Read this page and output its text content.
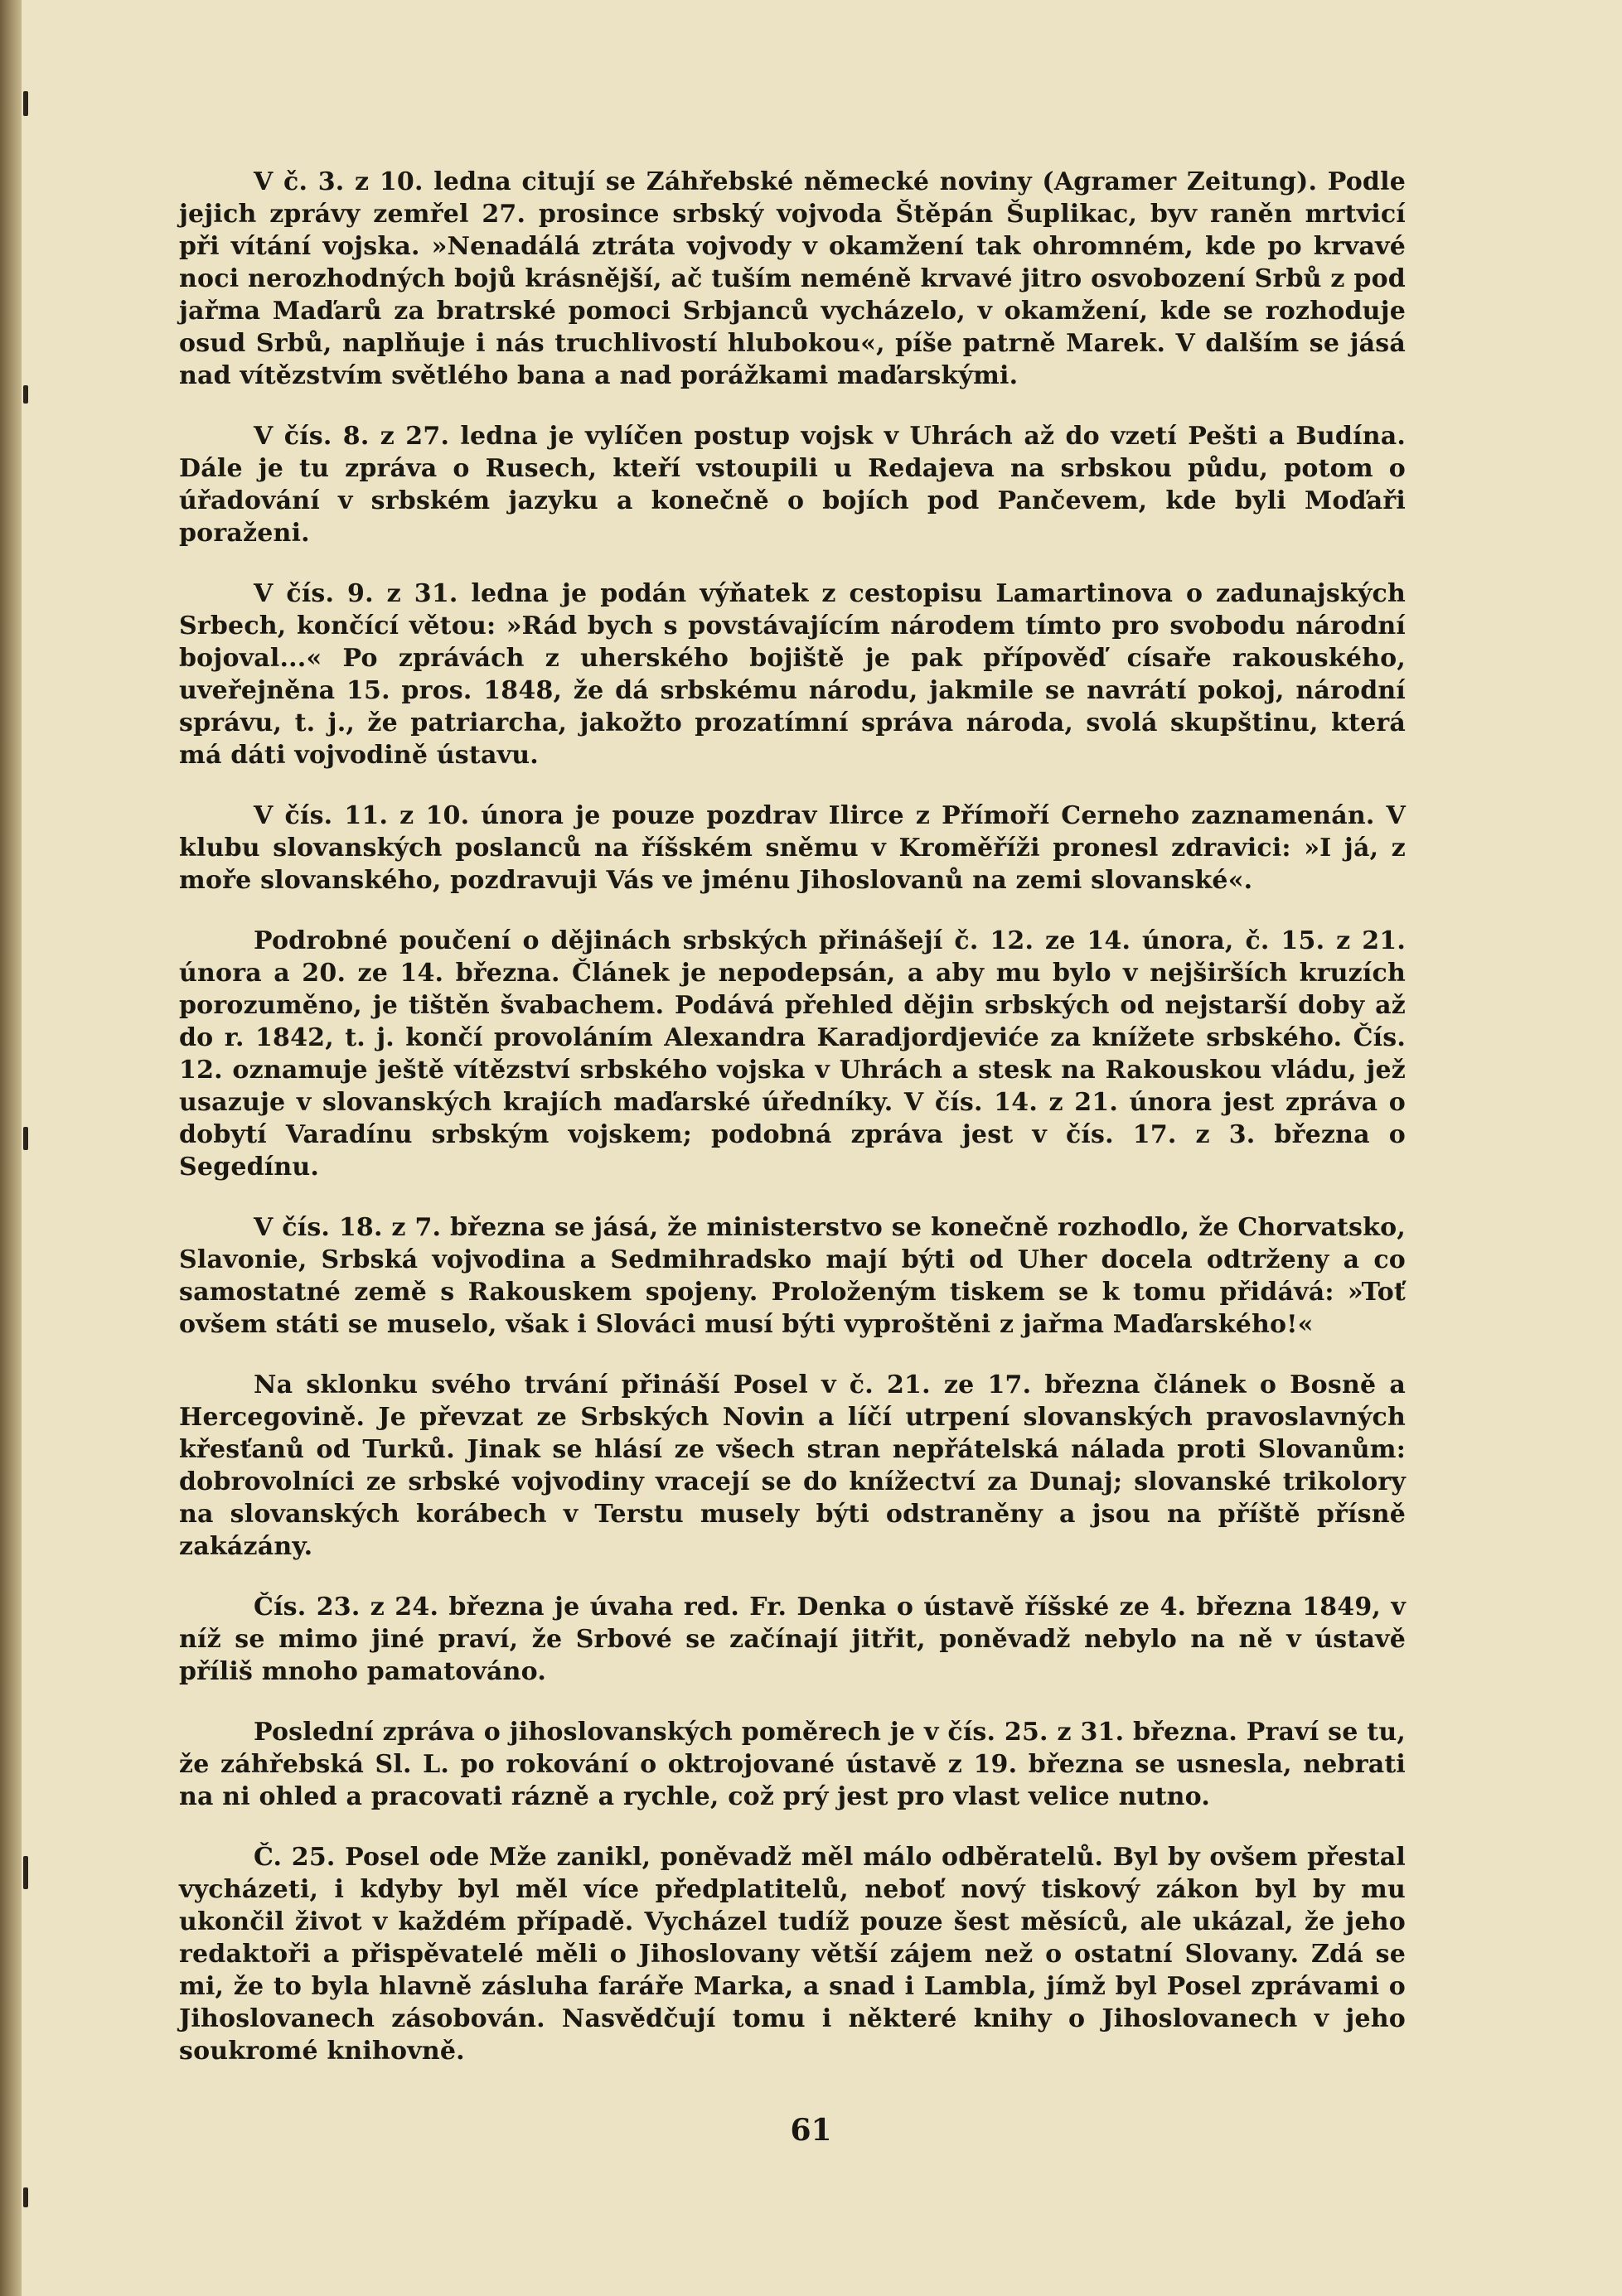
V č. 3. z 10. ledna citují se Záhřebské německé noviny (Agramer Zeitung). Podle jejich zprávy zemřel 27. prosince srbský vojvoda Štěpán Šuplikac, byv raněn mrtvicí při vítání vojska. »Nenadálá ztráta vojvody v okamžení tak ohromném, kde po krvavé noci nerozhodných bojů krásnější, ač tuším neméně krvavé jitro osvobození Srbů z pod jařma Maďarů za bratrské pomoci Srbjanců vycházelo, v okamžení, kde se rozhoduje osud Srbů, naplňuje i nás truchlivostí hlubokou«, píše patrně Marek. V dalším se jásá nad vítězstvím světlého bana a nad porážkami maďarskými.

V čís. 8. z 27. ledna je vylíčen postup vojsk v Uhrách až do vzetí Pešti a Budína. Dále je tu zpráva o Rusech, kteří vstoupili u Redajeva na srbskou půdu, potom o úřadování v srbském jazyku a konečně o bojích pod Pančevem, kde byli Moďaři poraženi.

V čís. 9. z 31. ledna je podán výňatek z cestopisu Lamartinova o zadunajských Srbech, končící větou: »Rád bych s povstávajícím národem tímto pro svobodu národní bojoval...« Po zprávách z uherského bojiště je pak přípověď císaře rakouského, uveřejněna 15. pros. 1848, že dá srbskému národu, jakmile se navrátí pokoj, národní správu, t. j., že patriarcha, jakožto prozatímní správa národa, svolá skupštinu, která má dáti vojvodině ústavu.

V čís. 11. z 10. února je pouze pozdrav Ilirce z Přímoří Cerneho zaznamenán. V klubu slovanských poslanců na říšském sněmu v Kroměříži pronesl zdravici: »I já, z moře slovanského, pozdravuji Vás ve jménu Jihoslovanů na zemi slovanské«.

Podrobné poučení o dějinách srbských přinášejí č. 12. ze 14. února, č. 15. z 21. února a 20. ze 14. března. Článek je nepodepsán, a aby mu bylo v nejširších kruzích porozuměno, je tištěn švabachem. Podává přehled dějin srbských od nejstarší doby až do r. 1842, t. j. končí provoláním Alexandra Karadjordjeviće za knížete srbského. Čís. 12. oznamuje ještě vítězství srbského vojska v Uhrách a stesk na Rakouskou vládu, jež usazuje v slovanských krajích maďarské úředníky. V čís. 14. z 21. února jest zpráva o dobytí Varadínu srbským vojskem; podobná zpráva jest v čís. 17. z 3. března o Segedínu.

V čís. 18. z 7. března se jásá, že ministerstvo se konečně rozhodlo, že Chorvatsko, Slavonie, Srbská vojvodina a Sedmihradsko mají býti od Uher docela odtrženy a co samostatné země s Rakouskem spojeny. Proloženým tiskem se k tomu přidává: »Toť ovšem státi se muselo, však i Slováci musí býti vyproštěni z jařma Maďarského!«

Na sklonku svého trvání přináší Posel v č. 21. ze 17. března článek o Bosně a Hercegovině. Je převzat ze Srbských Novin a líčí utrpení slovanských pravoslavných křesťanů od Turků. Jinak se hlásí ze všech stran nepřátelská nálada proti Slovanům: dobrovolníci ze srbské vojvodiny vracejí se do knížectví za Dunaj; slovanské trikolory na slovanských korábech v Terstu musely býti odstraněny a jsou na příště přísně zakázány.

Čís. 23. z 24. března je úvaha red. Fr. Denka o ústavě říšské ze 4. března 1849, v níž se mimo jiné praví, že Srbové se začínají jitřit, poněvadž nebylo na ně v ústavě příliš mnoho pamatováno.

Poslední zpráva o jihoslovanských poměrech je v čís. 25. z 31. března. Praví se tu, že záhřebská Sl. L. po rokování o oktrojované ústavě z 19. března se usnesla, nebrati na ni ohled a pracovati rázně a rychle, což prý jest pro vlast velice nutno.

Č. 25. Posel ode Mže zanikl, poněvadž měl málo odběratelů. Byl by ovšem přestal vycházeti, i kdyby byl měl více předplatitelů, neboť nový tiskový zákon byl by mu ukončil život v každém případě. Vycházel tudíž pouze šest měsíců, ale ukázal, že jeho redaktoři a přispěvatelé měli o Jihoslovany větší zájem než o ostatní Slovany. Zdá se mi, že to byla hlavně zásluha faráře Marka, a snad i Lambla, jímž byl Posel zprávami o Jihoslovanech zásobován. Nasvědčují tomu i některé knihy o Jihoslovanech v jeho soukromé knihovně.

61
